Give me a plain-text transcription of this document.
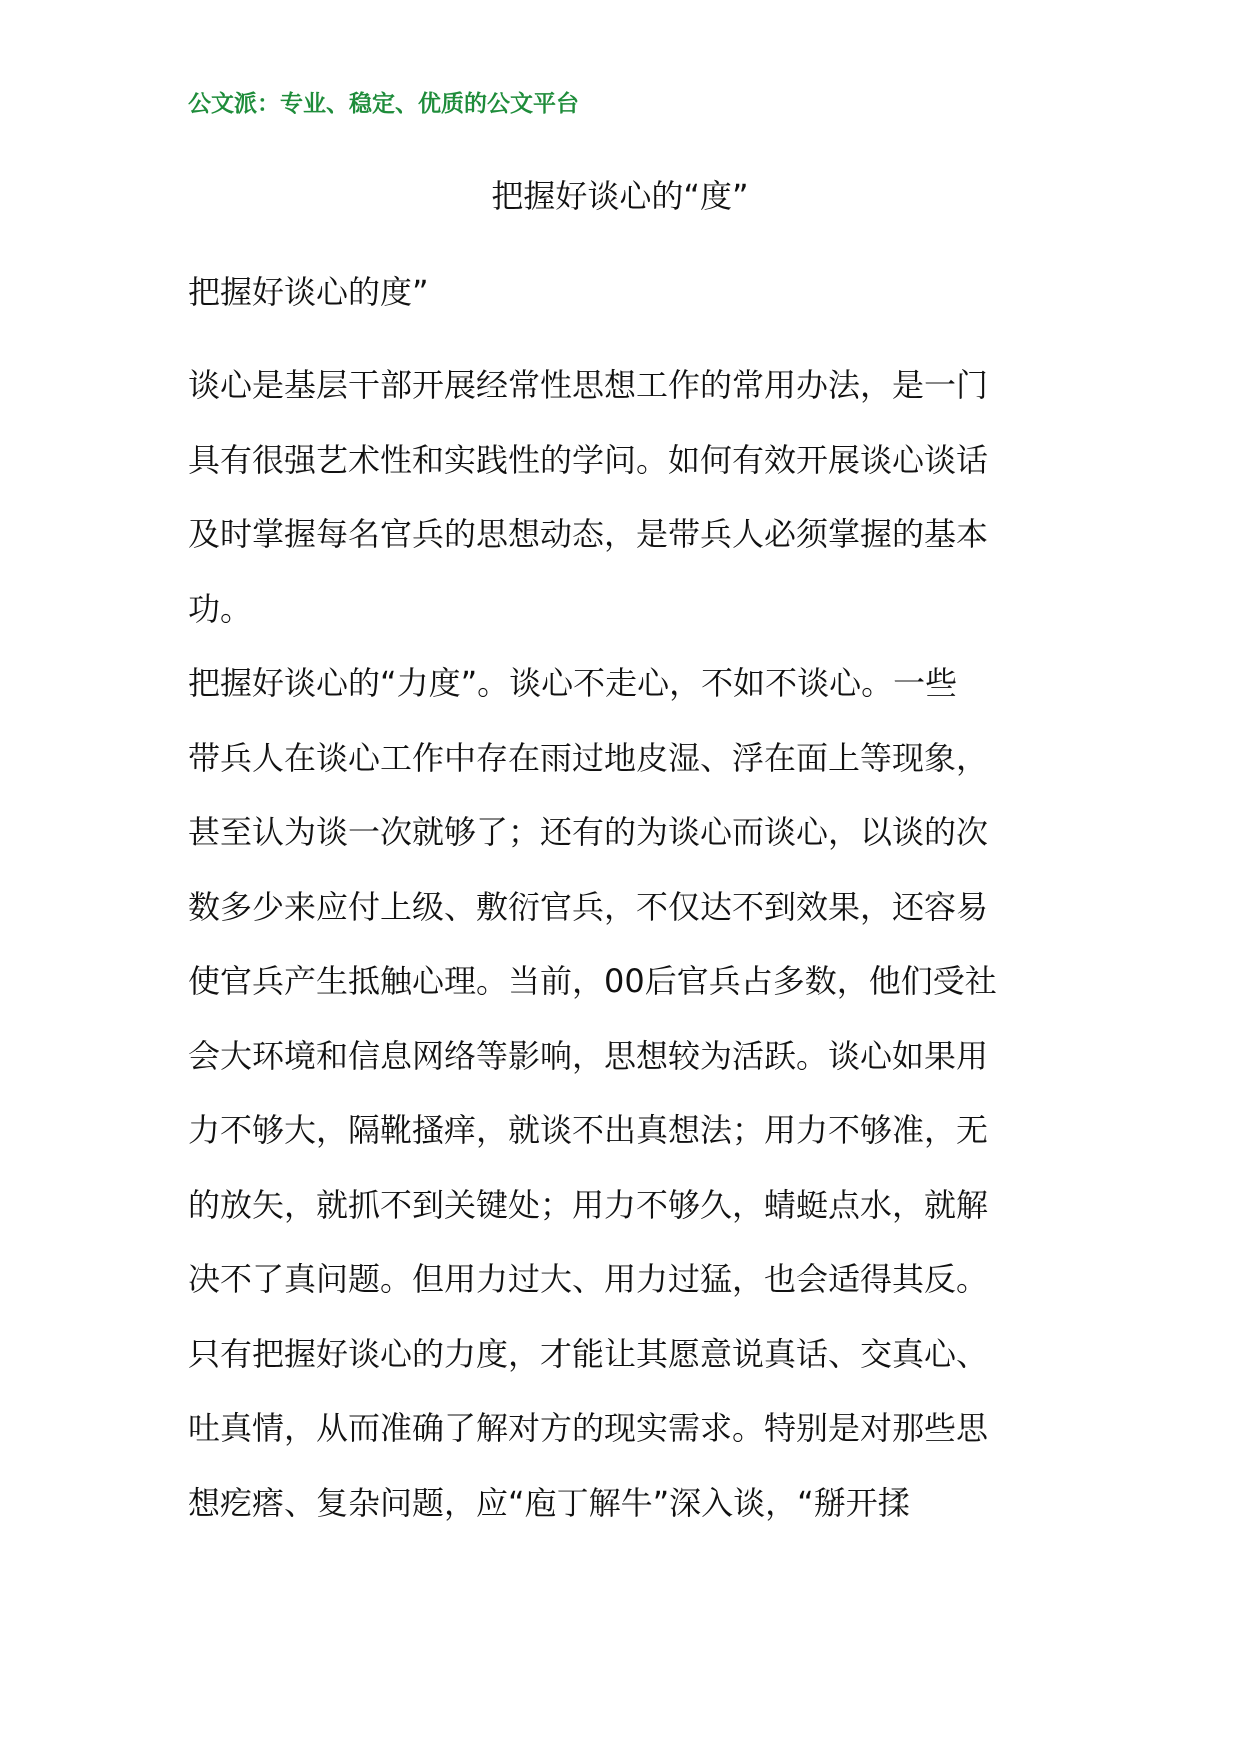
公文派：专业、稳定、优质的公文平台
把握好谈心的“度”
把握好谈心的度”
谈心是基层干部开展经常性思想工作的常用办法，是一门
具有很强艺术性和实践性的学问。如何有效开展谈心谈话
及时掌握每名官兵的思想动态，是带兵人必须掌握的基本
功。
把握好谈心的“力度”。谈心不走心，不如不谈心。一些
带兵人在谈心工作中存在雨过地皮湿、浮在面上等现象，
甚至认为谈一次就够了；还有的为谈心而谈心，以谈的次
数多少来应付上级、敷衍官兵，不仅达不到效果，还容易
使官兵产生抵触心理。当前，00后官兵占多数，他们受社
会大环境和信息网络等影响，思想较为活跃。谈心如果用
力不够大，隔靴搔痒，就谈不出真想法；用力不够准，无
的放矢，就抓不到关键处；用力不够久，蜻蜓点水，就解
决不了真问题。但用力过大、用力过猛，也会适得其反。
只有把握好谈心的力度，才能让其愿意说真话、交真心、
吐真情，从而准确了解对方的现实需求。特别是对那些思
想疙瘩、复杂问题，应“庖丁解牛”深入谈，“掰开揉
